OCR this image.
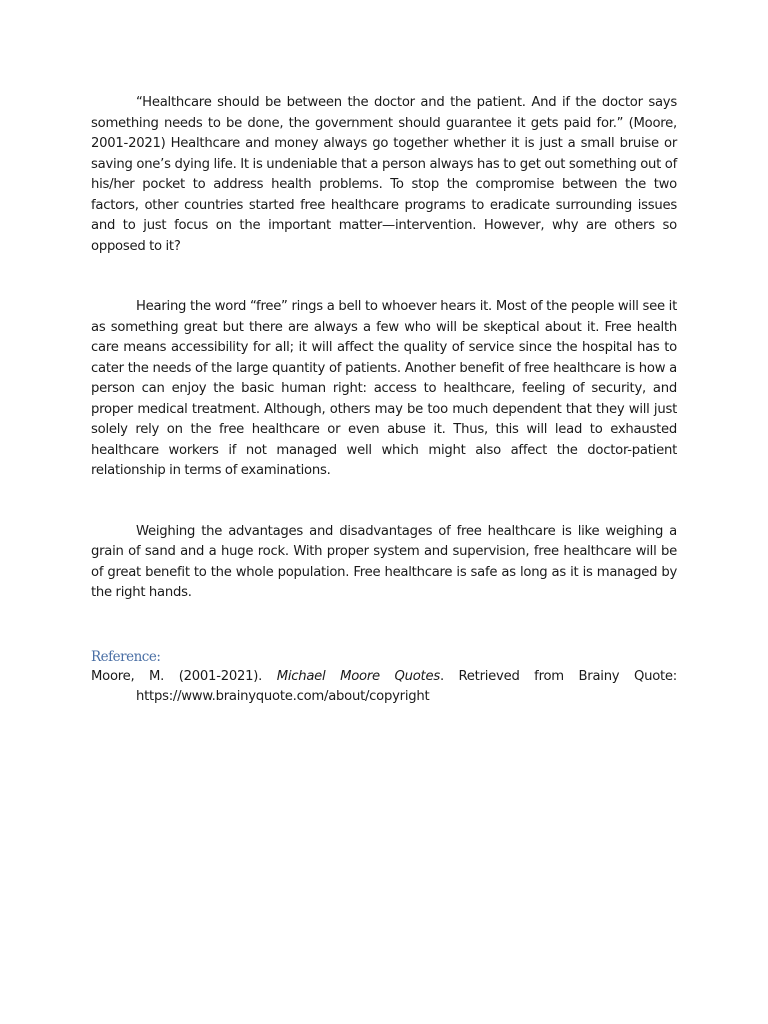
“Healthcare should be between the doctor and the patient. And if the doctor says something needs to be done, the government should guarantee it gets paid for.” (Moore, 2001-2021) Healthcare and money always go together whether it is just a small bruise or saving one’s dying life. It is undeniable that a person always has to get out something out of his/her pocket to address health problems. To stop the compromise between the two factors, other countries started free healthcare programs to eradicate surrounding issues and to just focus on the important matter—intervention. However, why are others so opposed to it?

Hearing the word “free” rings a bell to whoever hears it. Most of the people will see it as something great but there are always a few who will be skeptical about it. Free health care means accessibility for all; it will affect the quality of service since the hospital has to cater the needs of the large quantity of patients. Another benefit of free healthcare is how a person can enjoy the basic human right: access to healthcare, feeling of security, and proper medical treatment. Although, others may be too much dependent that they will just solely rely on the free healthcare or even abuse it. Thus, this will lead to exhausted healthcare workers if not managed well which might also affect the doctor-patient relationship in terms of examinations.

Weighing the advantages and disadvantages of free healthcare is like weighing a grain of sand and a huge rock. With proper system and supervision, free healthcare will be of great benefit to the whole population. Free healthcare is safe as long as it is managed by the right hands.

Reference:

Moore, M. (2001-2021). Michael Moore Quotes. Retrieved from Brainy Quote:

https://www.brainyquote.com/about/copyright
